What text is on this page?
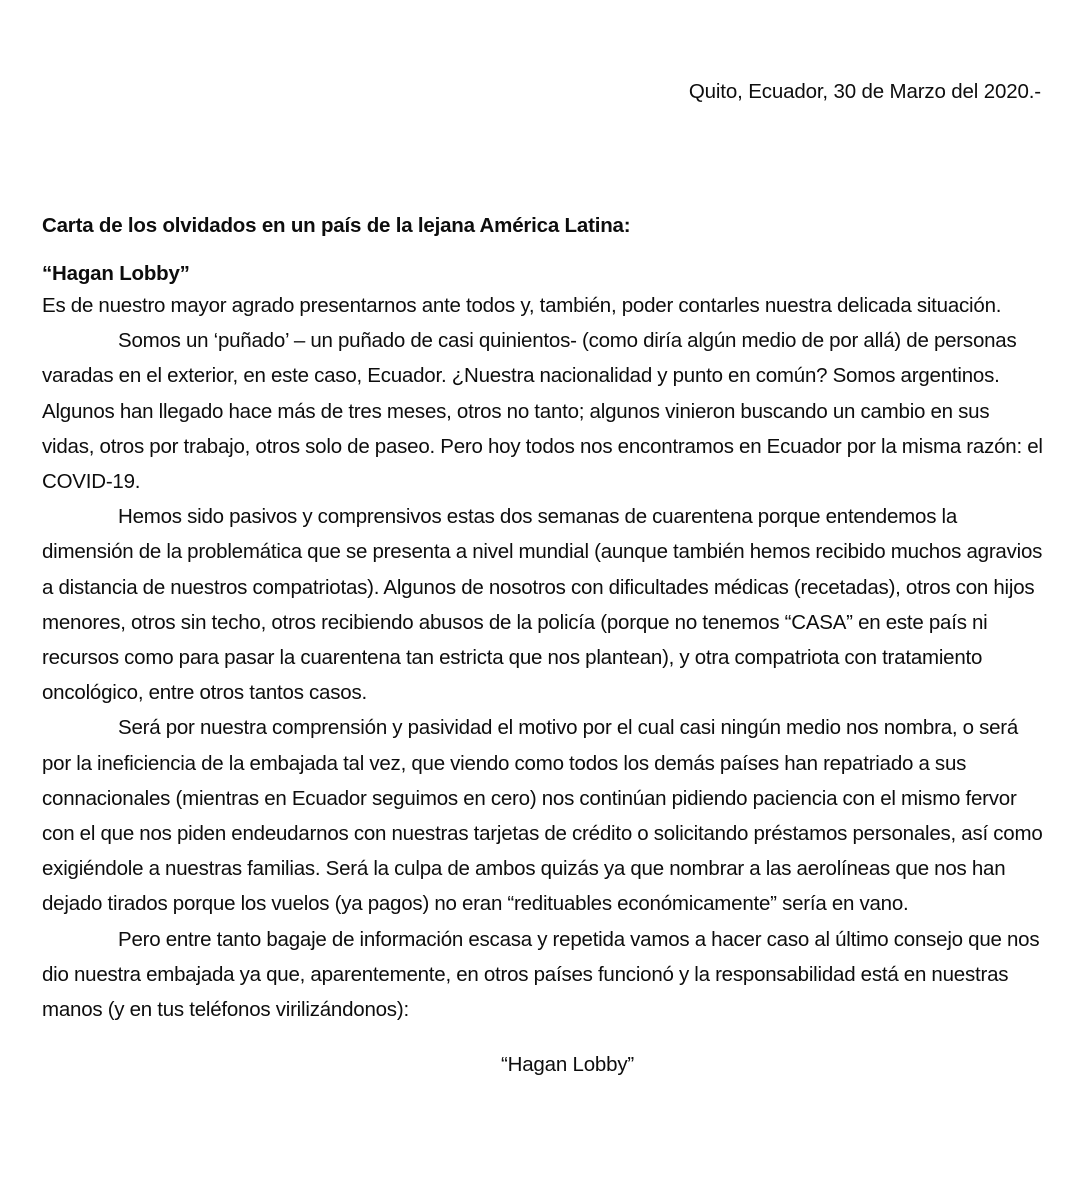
Quito, Ecuador, 30 de Marzo del 2020.-
Carta de los olvidados en un país de la lejana América Latina:
“Hagan Lobby”

Es de nuestro mayor agrado presentarnos ante todos y, también, poder contarles nuestra delicada situación.

Somos un ‘puñado’ – un puñado de casi quinientos- (como diría algún medio de por allá) de personas varadas en el exterior, en este caso, Ecuador. ¿Nuestra nacionalidad y punto en común? Somos argentinos. Algunos han llegado hace más de tres meses, otros no tanto; algunos vinieron buscando un cambio en sus vidas, otros por trabajo, otros solo de paseo. Pero hoy todos nos encontramos en Ecuador por la misma razón: el COVID-19.

Hemos sido pasivos y comprensivos estas dos semanas de cuarentena porque entendemos la dimensión de la problemática que se presenta a nivel mundial (aunque también hemos recibido muchos agravios a distancia de nuestros compatriotas). Algunos de nosotros con dificultades médicas (recetadas), otros con hijos menores, otros sin techo, otros recibiendo abusos de la policía (porque no tenemos “CASA” en este país ni recursos como para pasar la cuarentena tan estricta que nos plantean), y otra compatriota con tratamiento oncológico, entre otros tantos casos.

Será por nuestra comprensión y pasividad el motivo por el cual casi ningún medio nos nombra, o será por la ineficiencia de la embajada tal vez, que viendo como todos los demás países han repatriado a sus connacionales (mientras en Ecuador seguimos en cero) nos continúan pidiendo paciencia con el mismo fervor con el que nos piden endeudarnos con nuestras tarjetas de crédito o solicitando préstamos personales, así como exigiéndole a nuestras familias. Será la culpa de ambos quizás ya que nombrar a las aerolíneas que nos han dejado tirados porque los vuelos (ya pagos) no eran “redituables económicamente” sería en vano.

Pero entre tanto bagaje de información escasa y repetida vamos a hacer caso al último consejo que nos dio nuestra embajada ya que, aparentemente, en otros países funcionó y la responsabilidad está en nuestras manos (y en tus teléfonos virilizándonos):

“Hagan Lobby”
